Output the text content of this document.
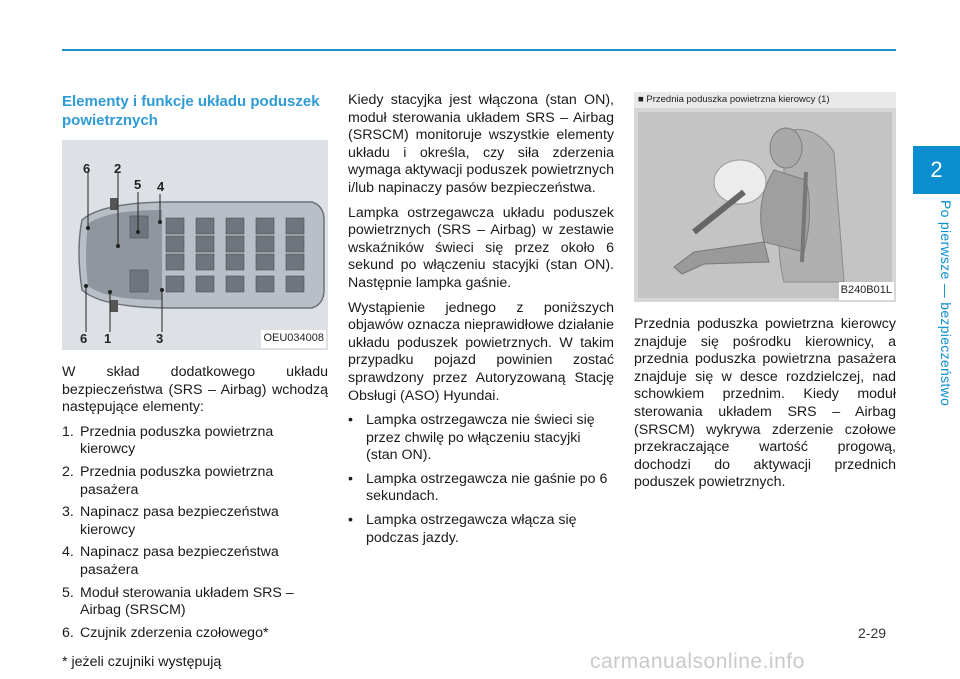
2
Po pierwsze — bezpieczeństwo
Elementy i funkcje układu poduszek powietrznych
6 2
5 4
6 1	3	OEU034008

W skład dodatkowego układu bezpieczeństwa (SRS – Airbag) wchodzą następujące elementy:

1. Przednia poduszka powietrzna kierowcy
2. Przednia poduszka powietrzna pasażera
3. Napinacz pasa bezpieczeństwa kierowcy
4. Napinacz pasa bezpieczeństwa pasażera
5. Moduł sterowania układem SRS – Airbag (SRSCM)
6. Czujnik zderzenia czołowego*

* jeżeli czujniki występują

Kiedy stacyjka jest włączona (stan ON), moduł sterowania układem SRS – Airbag (SRSCM) monitoruje wszystkie elementy układu i określa, czy siła zderzenia wymaga aktywacji poduszek powietrznych i/lub napinaczy pasów bezpieczeństwa.

Lampka ostrzegawcza układu poduszek powietrznych (SRS – Airbag) w zestawie wskaźników świeci się przez około 6 sekund po włączeniu stacyjki (stan ON). Następnie lampka gaśnie.

Wystąpienie jednego z poniższych objawów oznacza nieprawidłowe działanie układu poduszek powietrznych. W takim przypadku pojazd powinien zostać sprawdzony przez Autoryzowaną Stację Obsługi (ASO) Hyundai.

• Lampka ostrzegawcza nie świeci się przez chwilę po włączeniu stacyjki (stan ON).
• Lampka ostrzegawcza nie gaśnie po 6 sekundach.
• Lampka ostrzegawcza włącza się podczas jazdy.
■ Przednia poduszka powietrzna kierowcy (1)
B240B01L

Przednia poduszka powietrzna kierowcy znajduje się pośrodku kierownicy, a przednia poduszka powietrzna pasażera znajduje się w desce rozdzielczej, nad schowkiem przednim. Kiedy moduł sterowania układem SRS – Airbag (SRSCM) wykrywa zderzenie czołowe przekraczające wartość progową, dochodzi do aktywacji przednich poduszek powietrznych.

2-29
carmanualsonline.info
